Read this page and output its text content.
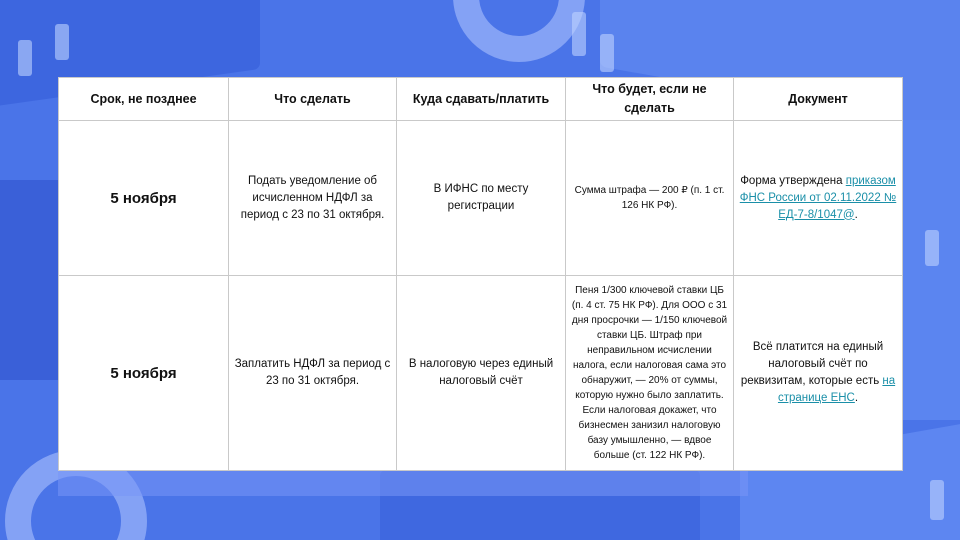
Срок, не позднее	Что сделать	Куда сдавать/платить	Что будет, если не сделать	Документ
5 ноября	Подать уведомление об исчисленном НДФЛ за период с 23 по 31 октября.	В ИФНС по месту регистрации	Сумма штрафа — 200 ₽ (п. 1 ст. 126 НК РФ).	Форма утверждена приказом ФНС России от 02.11.2022 № ЕД-7-8/1047@.
5 ноября	Заплатить НДФЛ за период с 23 по 31 октября.	В налоговую через единый налоговый счёт	Пеня 1/300 ключевой ставки ЦБ (п. 4 ст. 75 НК РФ). Для ООО с 31 дня просрочки — 1/150 ключевой ставки ЦБ. Штраф при неправильном исчислении налога, если налоговая сама это обнаружит, — 20% от суммы, которую нужно было заплатить. Если налоговая докажет, что бизнесмен занизил налоговую базу умышленно, — вдвое больше (ст. 122 НК РФ).	Всё платится на единый налоговый счёт по реквизитам, которые есть на странице ЕНС.
